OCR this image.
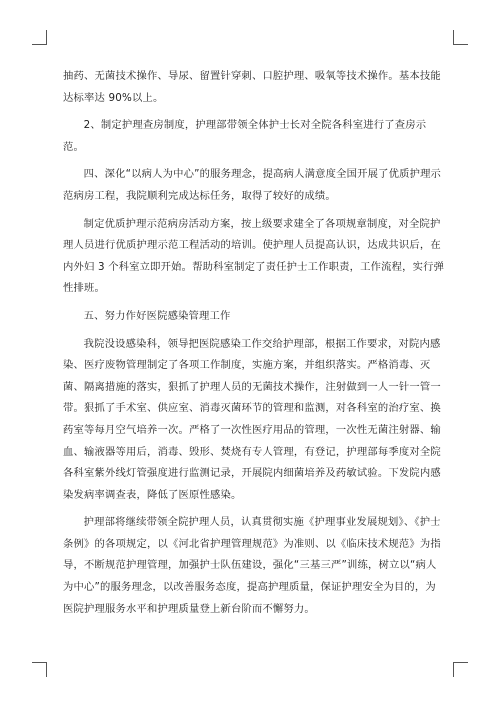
抽药、无菌技术操作、导尿、留置针穿刺、口腔护理、吸氧等技术操作。基本技能达标率达 90%以上。

2、制定护理查房制度，护理部带领全体护士长对全院各科室进行了查房示范。

四、深化“以病人为中心”的服务理念，提高病人满意度全国开展了优质护理示范病房工程，我院顺利完成达标任务，取得了较好的成绩。

制定优质护理示范病房活动方案，按上级要求建全了各项规章制度，对全院护理人员进行优质护理示范工程活动的培训。使护理人员提高认识，达成共识后，在内外妇 3 个科室立即开始。帮助科室制定了责任护士工作职责，工作流程，实行弹性排班。

五、努力作好医院感染管理工作

我院没设感染科，领导把医院感染工作交给护理部，根据工作要求，对院内感染、医疗废物管理制定了各项工作制度，实施方案，并组织落实。严格消毒、灭菌、隔离措施的落实，狠抓了护理人员的无菌技术操作，注射做到一人一针一管一带。狠抓了手术室、供应室、消毒灭菌环节的管理和监测，对各科室的治疗室、换药室等每月空气培养一次。严格了一次性医疗用品的管理，一次性无菌注射器、输血、输液器等用后，消毒、毁形、焚烧有专人管理，有登记，护理部每季度对全院各科室紫外线灯管强度进行监测记录，开展院内细菌培养及药敏试验。下发院内感染发病率调查表，降低了医原性感染。

护理部将继续带领全院护理人员，认真贯彻实施《护理事业发展规划》、《护士条例》的各项规定，以《河北省护理管理规范》为准则、以《临床技术规范》为指导，不断规范护理管理，加强护士队伍建设，强化“三基三严”训练，树立以“病人为中心”的服务理念，以改善服务态度，提高护理质量，保证护理安全为目的，为医院护理服务水平和护理质量登上新台阶而不懈努力。
